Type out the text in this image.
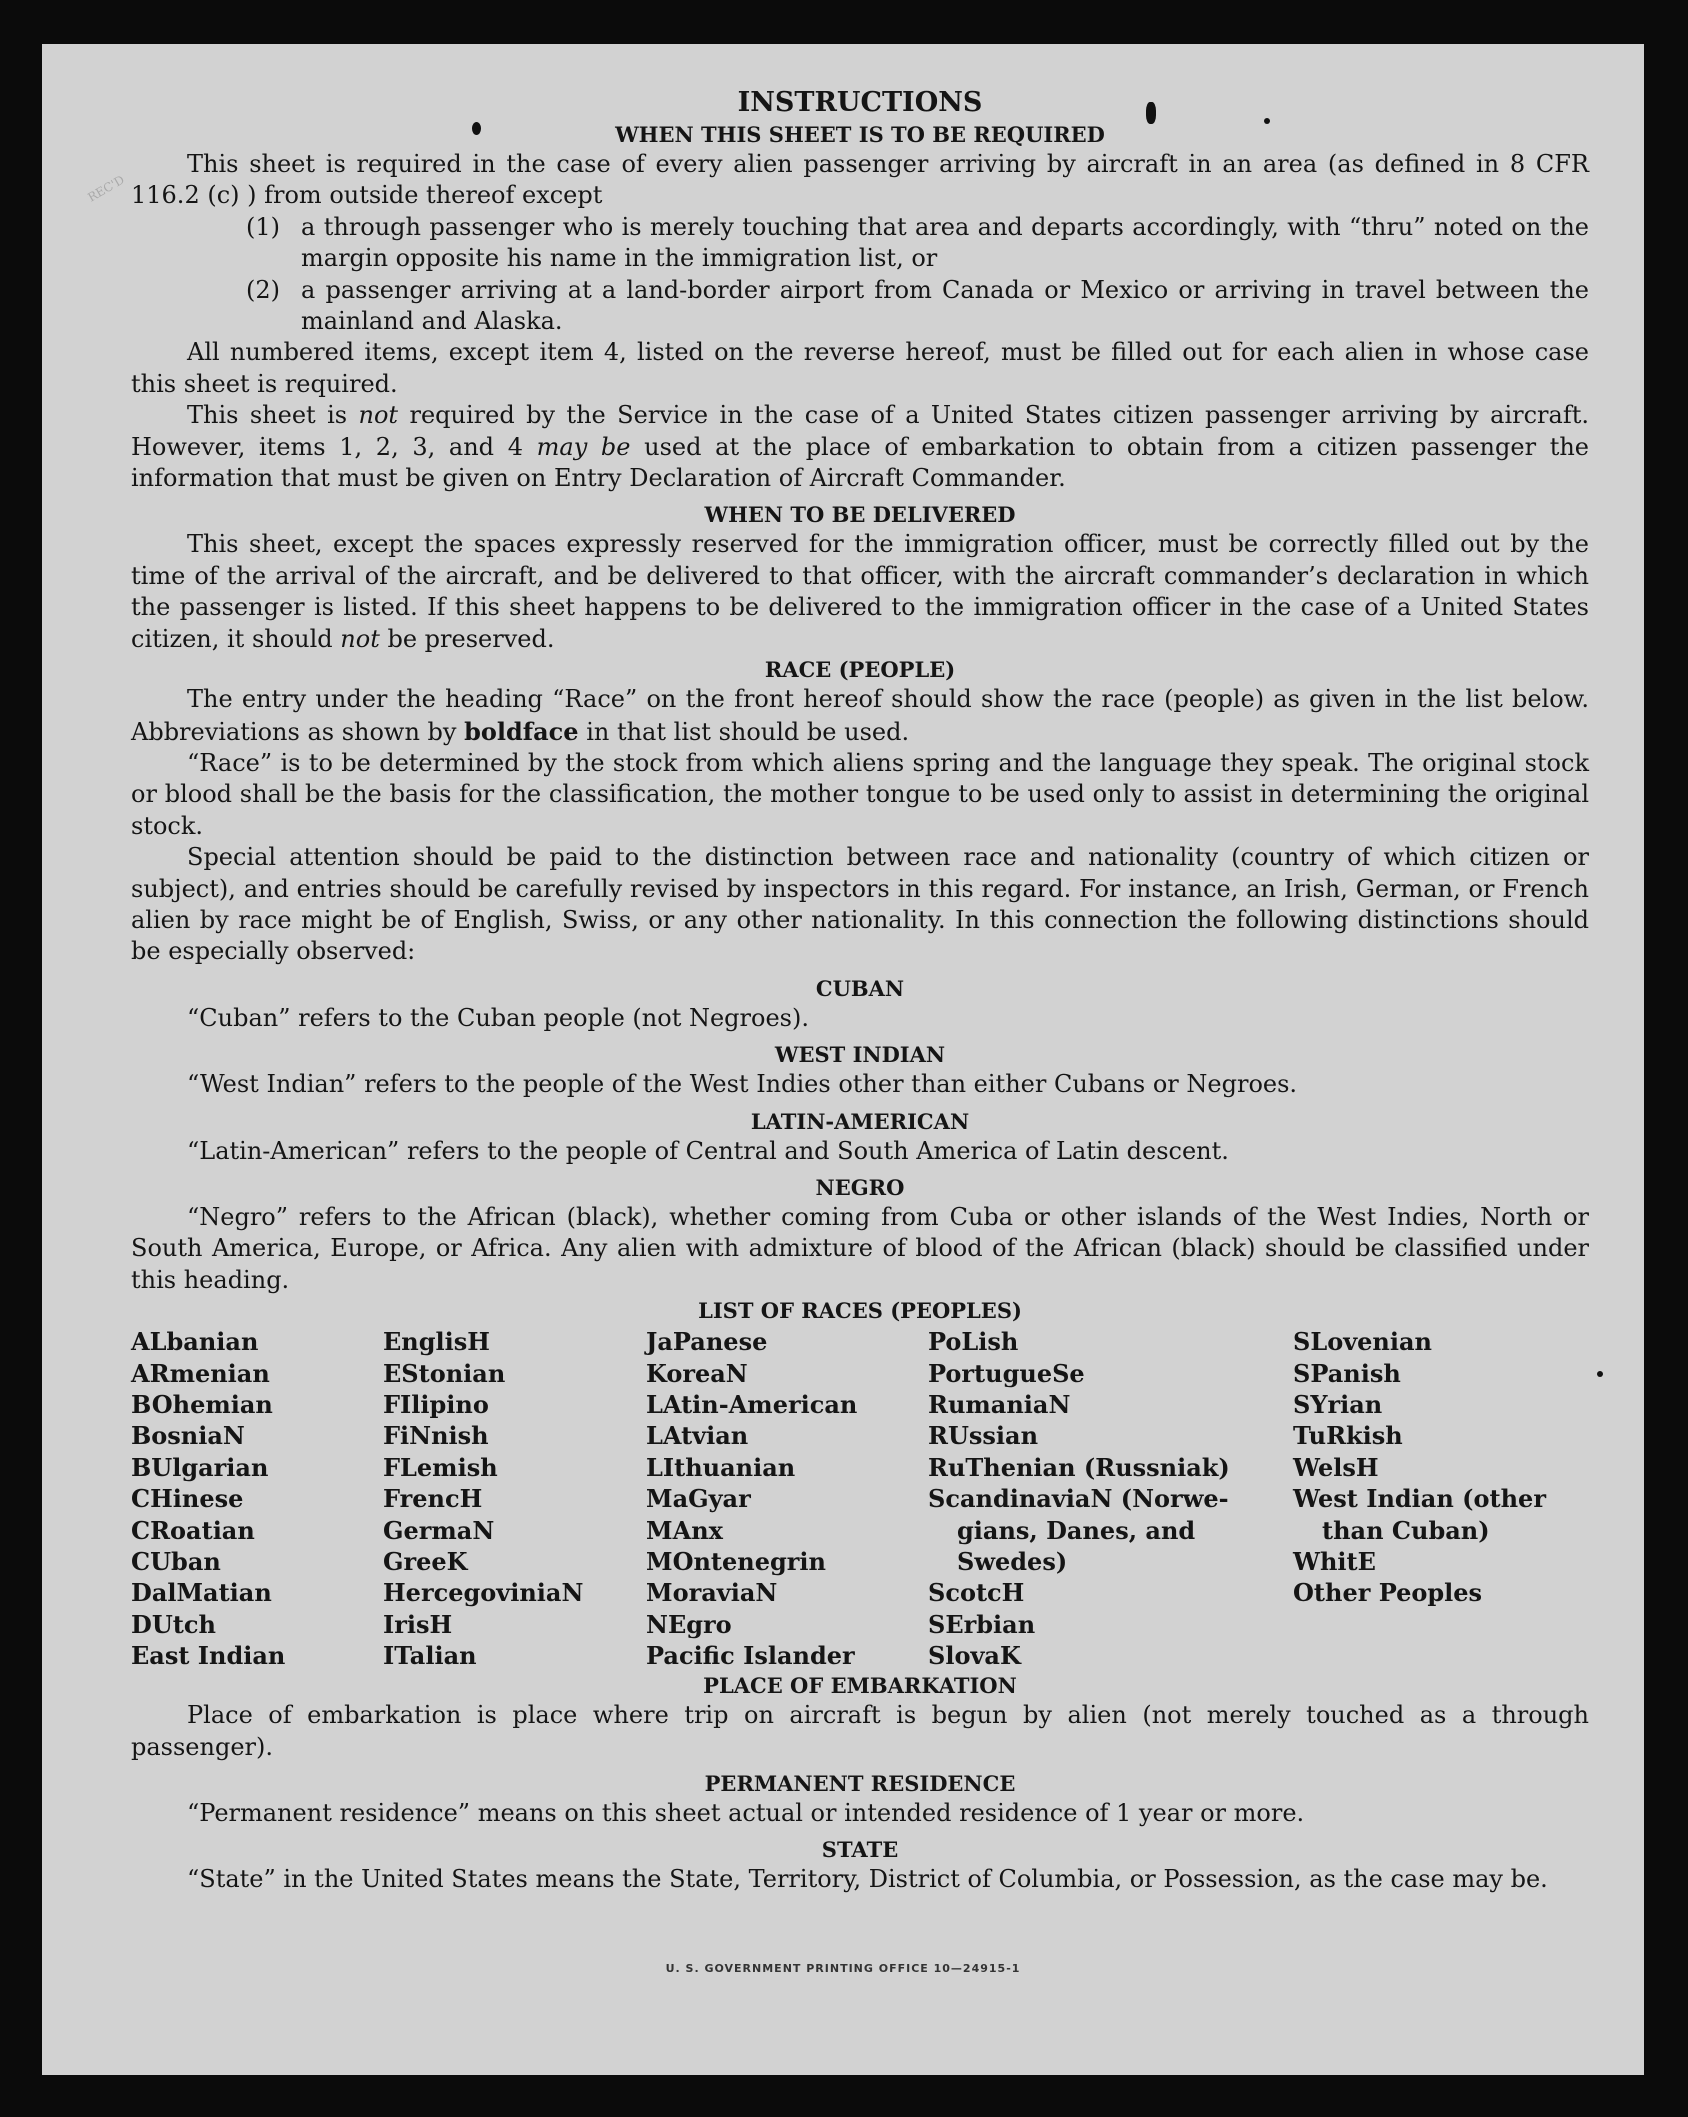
REC'D
INSTRUCTIONS
WHEN THIS SHEET IS TO BE REQUIRED

This sheet is required in the case of every alien passenger arriving by aircraft in an area (as defined in 8 CFR 116.2 (c) ) from outside thereof except

(1) a through passenger who is merely touching that area and departs accordingly, with “thru” noted on the margin opposite his name in the immigration list, or

(2) a passenger arriving at a land-border airport from Canada or Mexico or arriving in travel between the mainland and Alaska.

All numbered items, except item 4, listed on the reverse hereof, must be filled out for each alien in whose case this sheet is required.

This sheet is not required by the Service in the case of a United States citizen passenger arriving by aircraft. However, items 1, 2, 3, and 4 may be used at the place of embarkation to obtain from a citizen passenger the information that must be given on Entry Declaration of Aircraft Commander.

WHEN TO BE DELIVERED

This sheet, except the spaces expressly reserved for the immigration officer, must be correctly filled out by the time of the arrival of the aircraft, and be delivered to that officer, with the aircraft commander’s declaration in which the passenger is listed. If this sheet happens to be delivered to the immigration officer in the case of a United States citizen, it should not be preserved.

RACE (PEOPLE)

The entry under the heading “Race” on the front hereof should show the race (people) as given in the list below. Abbreviations as shown by boldface in that list should be used.

“Race” is to be determined by the stock from which aliens spring and the language they speak. The original stock or blood shall be the basis for the classification, the mother tongue to be used only to assist in determining the original stock.

Special attention should be paid to the distinction between race and nationality (country of which citizen or subject), and entries should be carefully revised by inspectors in this regard. For instance, an Irish, German, or French alien by race might be of English, Swiss, or any other nationality. In this connection the following distinctions should be especially observed:

CUBAN

“Cuban” refers to the Cuban people (not Negroes).

WEST INDIAN

“West Indian” refers to the people of the West Indies other than either Cubans or Negroes.

LATIN-AMERICAN

“Latin-American” refers to the people of Central and South America of Latin descent.

NEGRO

“Negro” refers to the African (black), whether coming from Cuba or other islands of the West Indies, North or South America, Europe, or Africa. Any alien with admixture of blood of the African (black) should be classified under this heading.

LIST OF RACES (PEOPLES)
ALbanian
ARmenian
BOhemian
BosniaN
BUlgarian
CHinese
CRoatian
CUban
DalMatian
DUtch
East Indian
EnglisH
EStonian
FIlipino
FiNnish
FLemish
FrencH
GermaN
GreeK
HercegoviniaN
IrisH
ITalian
JaPanese
KoreaN
LAtin-American
LAtvian
LIthuanian
MaGyar
MAnx
MOntenegrin
MoraviaN
NEgro
Pacific Islander
PoLish
PortugueSe
RumaniaN
RUssian
RuThenian (Russniak)
ScandinaviaN (Norwe-
gians, Danes, and
Swedes)
ScotcH
SErbian
SlovaK
SLovenian
SPanish
SYrian
TuRkish
WelsH
West Indian (other
than Cuban)
WhitE
Other Peoples
PLACE OF EMBARKATION

Place of embarkation is place where trip on aircraft is begun by alien (not merely touched as a through passenger).

PERMANENT RESIDENCE

“Permanent residence” means on this sheet actual or intended residence of 1 year or more.

STATE

“State” in the United States means the State, Territory, District of Columbia, or Possession, as the case may be.

U. S. GOVERNMENT PRINTING OFFICE 10—24915-1
